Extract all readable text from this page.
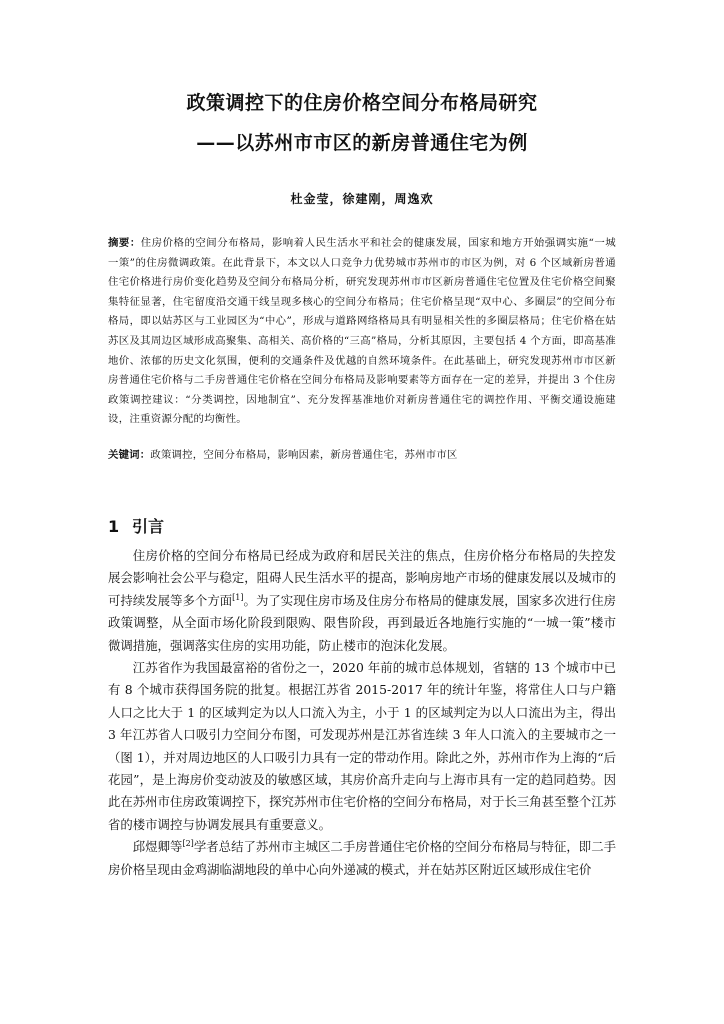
政策调控下的住房价格空间分布格局研究
——以苏州市市区的新房普通住宅为例
杜金莹，徐建刚，周逸欢
摘要：住房价格的空间分布格局，影响着人民生活水平和社会的健康发展，国家和地方开始强调实施“一城一策”的住房微调政策。在此背景下，本文以人口竞争力优势城市苏州市的市区为例，对 6 个区域新房普通住宅价格进行房价变化趋势及空间分布格局分析，研究发现苏州市市区新房普通住宅位置及住宅价格空间聚集特征显著，住宅留度沿交通干线呈现多核心的空间分布格局；住宅价格呈现“双中心、多圈层”的空间分布格局，即以姑苏区与工业园区为“中心”，形成与道路网络格局具有明显相关性的多圈层格局；住宅价格在姑苏区及其周边区域形成高聚集、高相关、高价格的“三高”格局，分析其原因，主要包括 4 个方面，即高基准地价、浓郁的历史文化氛围，便利的交通条件及优越的自然环境条件。在此基础上，研究发现苏州市市区新房普通住宅价格与二手房普通住宅价格在空间分布格局及影响要素等方面存在一定的差异，并提出 3 个住房政策调控建议：“分类调控，因地制宜”、充分发挥基准地价对新房普通住宅的调控作用、平衡交通设施建设，注重资源分配的均衡性。
关键词：政策调控，空间分布格局，影响因素，新房普通住宅，苏州市市区
1 引言

住房价格的空间分布格局已经成为政府和居民关注的焦点，住房价格分布格局的失控发展会影响社会公平与稳定，阻碍人民生活水平的提高，影响房地产市场的健康发展以及城市的可持续发展等多个方面[1]。为了实现住房市场及住房分布格局的健康发展，国家多次进行住房政策调整，从全面市场化阶段到限购、限售阶段，再到最近各地施行实施的“一城一策”楼市微调措施，强调落实住房的实用功能，防止楼市的泡沫化发展。

江苏省作为我国最富裕的省份之一，2020 年前的城市总体规划，省辖的 13 个城市中已有 8 个城市获得国务院的批复。根据江苏省 2015-2017 年的统计年鉴，将常住人口与户籍人口之比大于 1 的区域判定为以人口流入为主，小于 1 的区域判定为以人口流出为主，得出 3 年江苏省人口吸引力空间分布图，可发现苏州是江苏省连续 3 年人口流入的主要城市之一（图 1），并对周边地区的人口吸引力具有一定的带动作用。除此之外，苏州市作为上海的“后花园”，是上海房价变动波及的敏感区域，其房价高升走向与上海市具有一定的趋同趋势。因此在苏州市住房政策调控下，探究苏州市住宅价格的空间分布格局，对于长三角甚至整个江苏省的楼市调控与协调发展具有重要意义。

邱煜卿等[2]学者总结了苏州市主城区二手房普通住宅价格的空间分布格局与特征，即二手房价格呈现由金鸡湖临湖地段的单中心向外递减的模式，并在姑苏区附近区域形成住宅价
